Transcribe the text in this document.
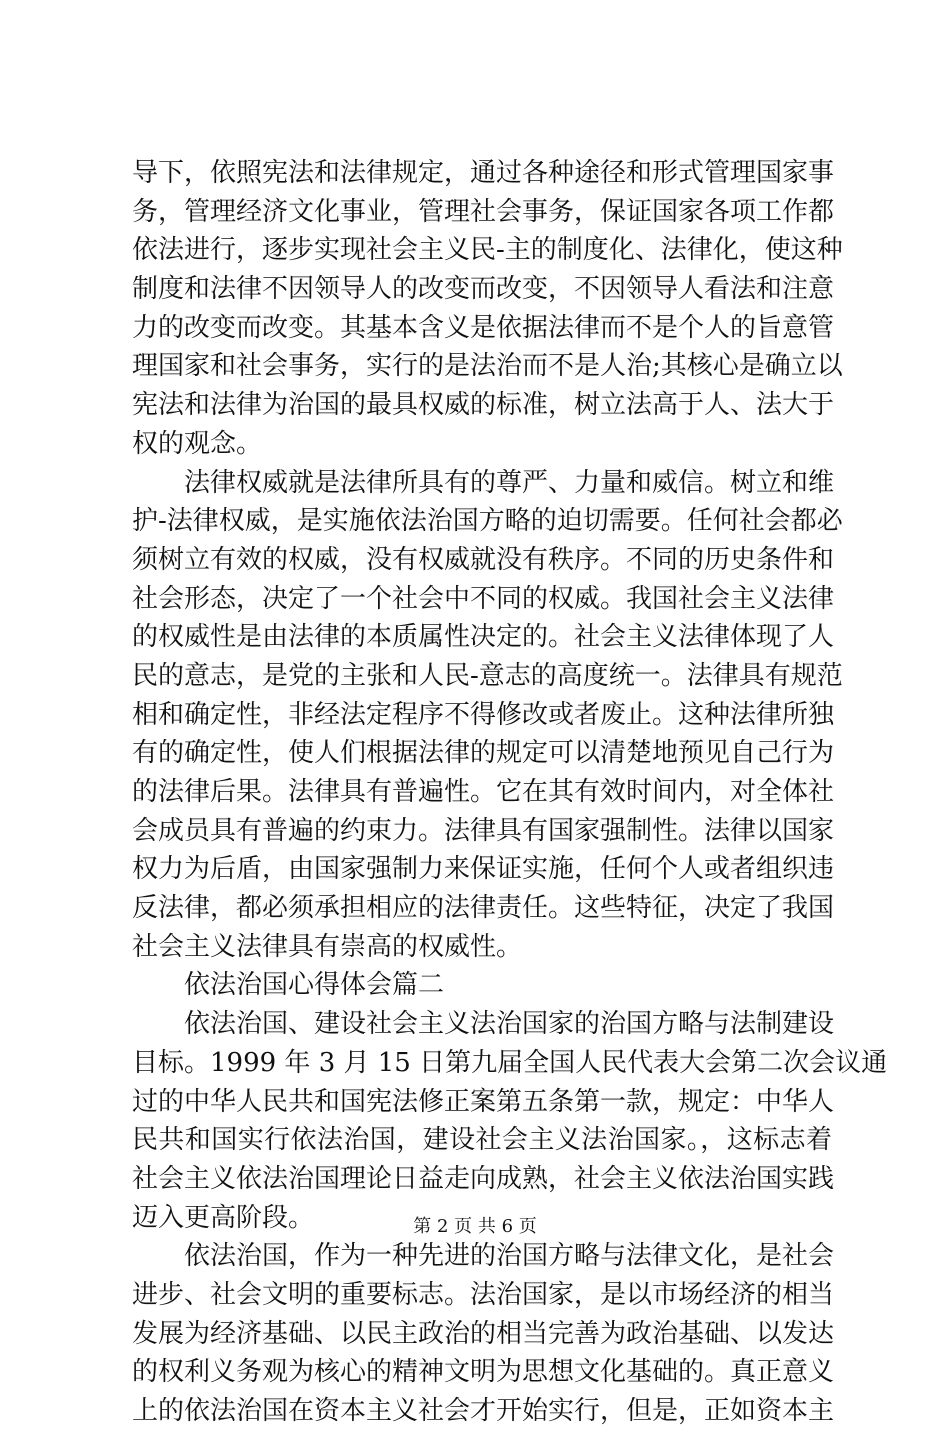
导下，依照宪法和法律规定，通过各种途径和形式管理国家事
务，管理经济文化事业，管理社会事务，保证国家各项工作都
依法进行，逐步实现社会主义民-主的制度化、法律化，使这种
制度和法律不因领导人的改变而改变，不因领导人看法和注意
力的改变而改变。其基本含义是依据法律而不是个人的旨意管
理国家和社会事务，实行的是法治而不是人治;其核心是确立以
宪法和法律为治国的最具权威的标准，树立法高于人、法大于
权的观念。
法律权威就是法律所具有的尊严、力量和威信。树立和维
护-法律权威，是实施依法治国方略的迫切需要。任何社会都必
须树立有效的权威，没有权威就没有秩序。不同的历史条件和
社会形态，决定了一个社会中不同的权威。我国社会主义法律
的权威性是由法律的本质属性决定的。社会主义法律体现了人
民的意志，是党的主张和人民-意志的高度统一。法律具有规范
相和确定性，非经法定程序不得修改或者废止。这种法律所独
有的确定性，使人们根据法律的规定可以清楚地预见自己行为
的法律后果。法律具有普遍性。它在其有效时间内，对全体社
会成员具有普遍的约束力。法律具有国家强制性。法律以国家
权力为后盾，由国家强制力来保证实施，任何个人或者组织违
反法律，都必须承担相应的法律责任。这些特征，决定了我国
社会主义法律具有崇高的权威性。
依法治国心得体会篇二
依法治国、建设社会主义法治国家的治国方略与法制建设
目标。1999 年 3 月 15 日第九届全国人民代表大会第二次会议通
过的中华人民共和国宪法修正案第五条第一款，规定：中华人
民共和国实行依法治国，建设社会主义法治国家。，这标志着
社会主义依法治国理论日益走向成熟，社会主义依法治国实践
迈入更高阶段。
依法治国，作为一种先进的治国方略与法律文化，是社会
进步、社会文明的重要标志。法治国家，是以市场经济的相当
发展为经济基础、以民主政治的相当完善为政治基础、以发达
的权利义务观为核心的精神文明为思想文化基础的。真正意义
上的依法治国在资本主义社会才开始实行，但是，正如资本主
第 2 页 共 6 页
